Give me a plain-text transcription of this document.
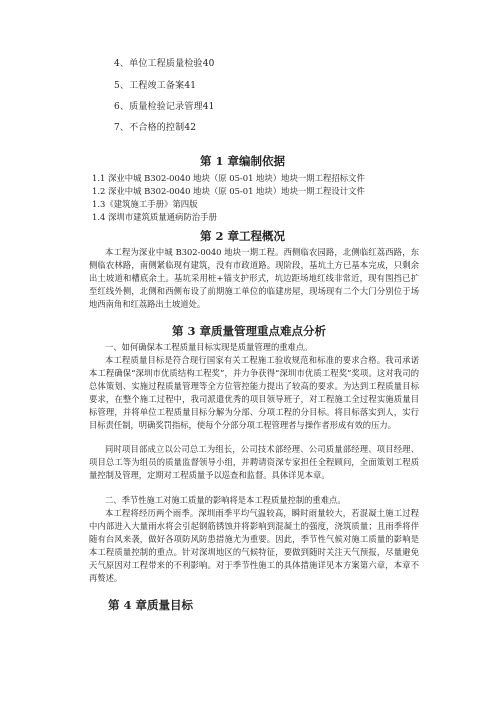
4、单位工程质量检验40
5、工程竣工备案41
6、质量检验记录管理41
7、不合格的控制42
第 1 章编制依据
1.1 深业中城 B302-0040 地块（原 05-01 地块）地块一期工程招标文件
1.2 深业中城 B302-0040 地块（原 05-01 地块）地块一期工程设计文件
1.3《建筑施工手册》第四版
1.4 深圳市建筑质量通病防治手册
第 2 章工程概况
本工程为深业中城 B302-0040 地块一期工程。西侧临农园路，北侧临红荔西路，东侧临农林路，南侧紧临现有建筑，没有市政道路。现阶段，基坑土方已基本完成，只剩余出土坡道和槽底余土。基坑采用桩+锚支护形式，坑边距场地红线非常近，现有围挡已扩至红线外侧，北侧和西侧布设了前期施工单位的临建房屋，现场现有二个大门分别位于场地西南角和红荔路出土坡道处。
第 3 章质量管理重点难点分析
一、如何确保本工程质量目标实现是质量管理的重难点。
本工程质量目标是符合现行国家有关工程施工验收规范和标准的要求合格。我司承诺本工程确保“深圳市优质结构工程奖”，并力争获得“深圳市优质工程奖”奖项。这对我司的总体策划、实施过程质量管理等全方位管控能力提出了较高的要求。为达到工程质量目标要求，在整个施工过程中，我司派遣优秀的项目领导班子，对工程施工全过程实施质量目标管理，并将单位工程质量目标分解为分部、分项工程的分目标。将目标落实到人，实行目标责任制，明确奖罚指标，使每个分部分项工程管理者与操作者形成有效的压力。
同时项目部成立以公司总工为组长，公司技术部经理、公司质量部经理、项目经理、项目总工等为组员的质量监督领导小组，并聘请资深专家担任全程顾问，全面策划工程质量控制及管理，定期对工程质量予以巡查和监督。具体详见本章。
二、季节性施工对施工质量的影响将是本工程质量控制的重难点。
本工程将经历两个雨季。深圳雨季平均气温较高，瞬时雨量较大，若混凝土施工过程中内部进入大量雨水将会引起钢筋锈蚀并将影响到混凝土的强度，浇筑质量；且雨季将伴随有台风来袭，做好各项防风防患措施尤为重要。因此，季节性气候对施工质量的影响是本工程质量控制的重点。针对深圳地区的气候特征，要做到随时关注天气预报，尽量避免天气原因对工程带来的不利影响。对于季节性施工的具体措施详见本方案第六章，本章不再赘述。
第 4 章质量目标
